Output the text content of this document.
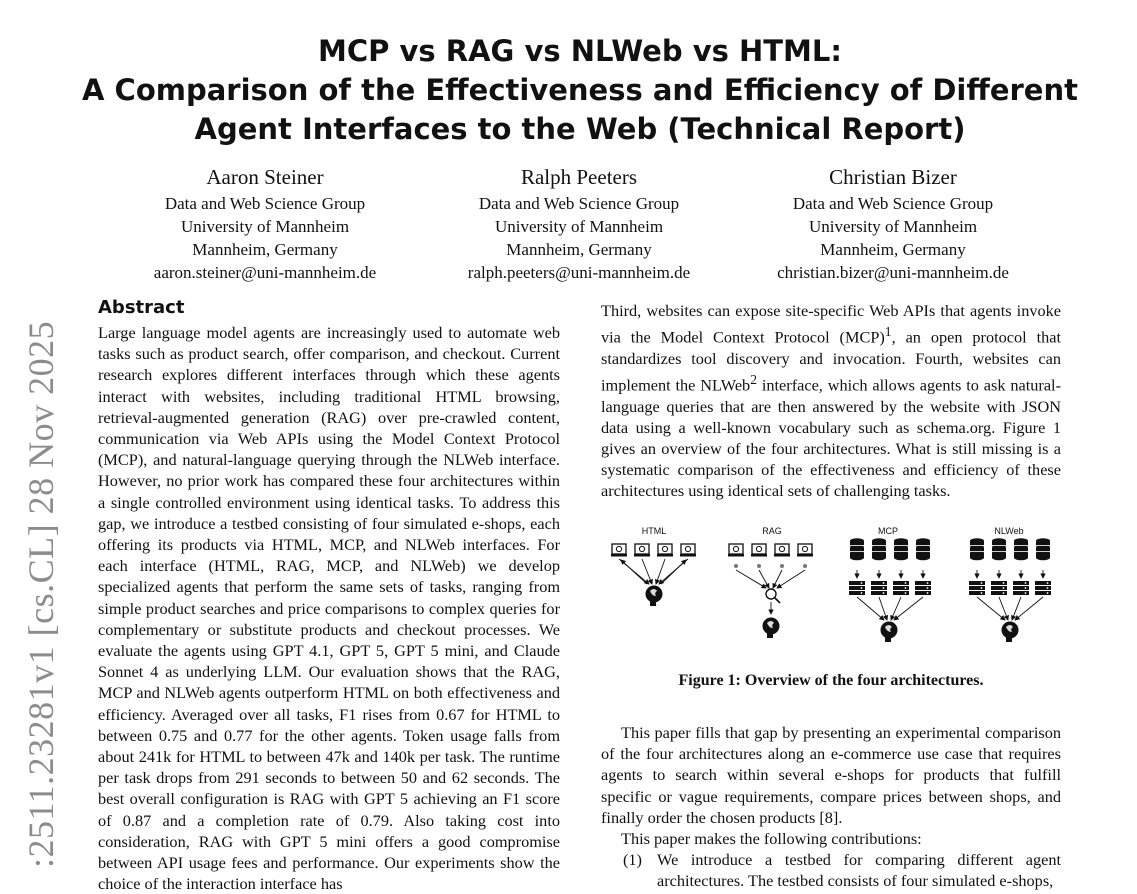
MCP vs RAG vs NLWeb vs HTML:
A Comparison of the Effectiveness and Efficiency of Different
Agent Interfaces to the Web (Technical Report)
Aaron Steiner
Data and Web Science Group
University of Mannheim
Mannheim, Germany
aaron.steiner@uni-mannheim.de
Ralph Peeters
Data and Web Science Group
University of Mannheim
Mannheim, Germany
ralph.peeters@uni-mannheim.de
Christian Bizer
Data and Web Science Group
University of Mannheim
Mannheim, Germany
christian.bizer@uni-mannheim.de
:2511.23281v1 [cs.CL] 28 Nov 2025
Abstract

Large language model agents are increasingly used to automate web tasks such as product search, offer comparison, and checkout. Current research explores different interfaces through which these agents interact with websites, including traditional HTML browsing, retrieval-augmented generation (RAG) over pre-crawled content, communication via Web APIs using the Model Context Protocol (MCP), and natural-language querying through the NLWeb interface. However, no prior work has compared these four architectures within a single controlled environment using identical tasks. To address this gap, we introduce a testbed consisting of four simulated e-shops, each offering its products via HTML, MCP, and NLWeb interfaces. For each interface (HTML, RAG, MCP, and NLWeb) we develop specialized agents that perform the same sets of tasks, ranging from simple product searches and price comparisons to complex queries for complementary or substitute products and checkout processes. We evaluate the agents using GPT 4.1, GPT 5, GPT 5 mini, and Claude Sonnet 4 as underlying LLM. Our evaluation shows that the RAG, MCP and NLWeb agents outperform HTML on both effectiveness and efficiency. Averaged over all tasks, F1 rises from 0.67 for HTML to between 0.75 and 0.77 for the other agents. Token usage falls from about 241k for HTML to between 47k and 140k per task. The runtime per task drops from 291 seconds to between 50 and 62 seconds. The best overall configuration is RAG with GPT 5 achieving an F1 score of 0.87 and a completion rate of 0.79. Also taking cost into consideration, RAG with GPT 5 mini offers a good compromise between API usage fees and performance. Our experiments show the choice of the interaction interface has

Third, websites can expose site-specific Web APIs that agents invoke via the Model Context Protocol (MCP)$^1$, an open protocol that standardizes tool discovery and invocation. Fourth, websites can implement the NLWeb$^2$ interface, which allows agents to ask natural-language queries that are then answered by the website with JSON data using a well-known vocabulary such as schema.org. Figure 1 gives an overview of the four architectures. What is still missing is a systematic comparison of the effectiveness and efficiency of these architectures using identical sets of challenging tasks.

HTML	RAG	MCP	NLWeb
Figure 1: Overview of the four architectures.

This paper fills that gap by presenting an experimental comparison of the four architectures along an e-commerce use case that requires agents to search within several e-shops for products that fulfill specific or vague requirements, compare prices between shops, and finally order the chosen products [8].

This paper makes the following contributions:

(1) We introduce a testbed for comparing different agent architectures. The testbed consists of four simulated e-shops,
